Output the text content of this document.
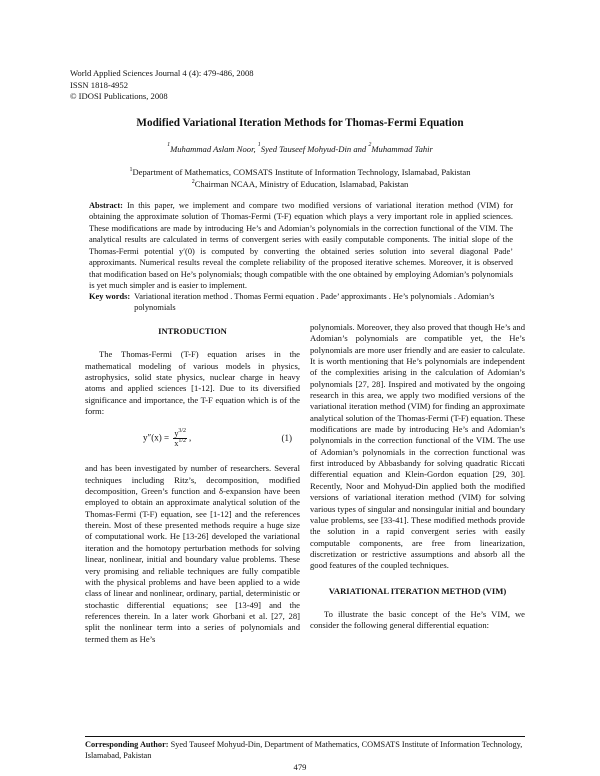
World Applied Sciences Journal 4 (4): 479-486, 2008
ISSN 1818-4952
© IDOSI Publications, 2008
Modified Variational Iteration Methods for Thomas-Fermi Equation
$^1$Muhammad Aslam Noor, $^1$Syed Tauseef Mohyud-Din and $^2$Muhammad Tahir
$^1$Department of Mathematics, COMSATS Institute of Information Technology, Islamabad, Pakistan
$^2$Chairman NCAA, Ministry of Education, Islamabad, Pakistan
Abstract: In this paper, we implement and compare two modified versions of variational iteration method (VIM) for obtaining the approximate solution of Thomas-Fermi (T-F) equation which plays a very important role in applied sciences. These modifications are made by introducing He’s and Adomian’s polynomials in the correction functional of the VIM. The analytical results are calculated in terms of convergent series with easily computable components. The initial slope of the Thomas-Fermi potential y′(0) is computed by converting the obtained series solution into several diagonal Pade’ approximants. Numerical results reveal the complete reliability of the proposed iterative schemes. Moreover, it is observed that modification based on He’s polynomials; though compatible with the one obtained by employing Adomian’s polynomials is yet much simpler and is easier to implement.
Key words: Variational iteration method . Thomas Fermi equation . Pade’ approximants . He’s polynomials . Adomian’s polynomials
INTRODUCTION

The Thomas-Fermi (T-F) equation arises in the mathematical modeling of various models in physics, astrophysics, solid state physics, nuclear charge in heavy atoms and applied sciences [1-12]. Due to its diversified significance and importance, the T-F equation which is of the form:

$y''(x) = \frac{y^{3/2}}{x^{1/2}}$ ,	(1)

and has been investigated by number of researchers. Several techniques including Ritz’s, decomposition, modified decomposition, Green’s function and δ-expansion have been employed to obtain an approximate analytical solution of the Thomas-Fermi (T-F) equation, see [1-12] and the references therein. Most of these presented methods require a huge size of computational work. He [13-26] developed the variational iteration and the homotopy perturbation methods for solving linear, nonlinear, initial and boundary value problems. These very promising and reliable techniques are fully compatible with the physical problems and have been applied to a wide class of linear and nonlinear, ordinary, partial, deterministic or stochastic differential equations; see [13-49] and the references therein. In a later work Ghorbani et al. [27, 28] split the nonlinear term into a series of polynomials and termed them as He’s

polynomials. Moreover, they also proved that though He’s and Adomian’s polynomials are compatible yet, the He’s polynomials are more user friendly and are easier to calculate. It is worth mentioning that He’s polynomials are independent of the complexities arising in the calculation of Adomian’s polynomials [27, 28]. Inspired and motivated by the ongoing research in this area, we apply two modified versions of the variational iteration method (VIM) for finding an approximate analytical solution of the Thomas-Fermi (T-F) equation. These modifications are made by introducing He’s and Adomian’s polynomials in the correction functional of the VIM. The use of Adomian’s polynomials in the correction functional was first introduced by Abbasbandy for solving quadratic Riccati differential equation and Klein-Gordon equation [29, 30]. Recently, Noor and Mohyud-Din applied both the modified versions of variational iteration method (VIM) for solving various types of singular and nonsingular initial and boundary value problems, see [33-41]. These modified methods provide the solution in a rapid convergent series with easily computable components, are free from linearization, discretization or restrictive assumptions and absorb all the good features of the coupled techniques.

VARIATIONAL ITERATION METHOD (VIM)

To illustrate the basic concept of the He’s VIM, we consider the following general differential equation:

Corresponding Author: Syed Tauseef Mohyud-Din, Department of Mathematics, COMSATS Institute of Information Technology, Islamabad, Pakistan
479
